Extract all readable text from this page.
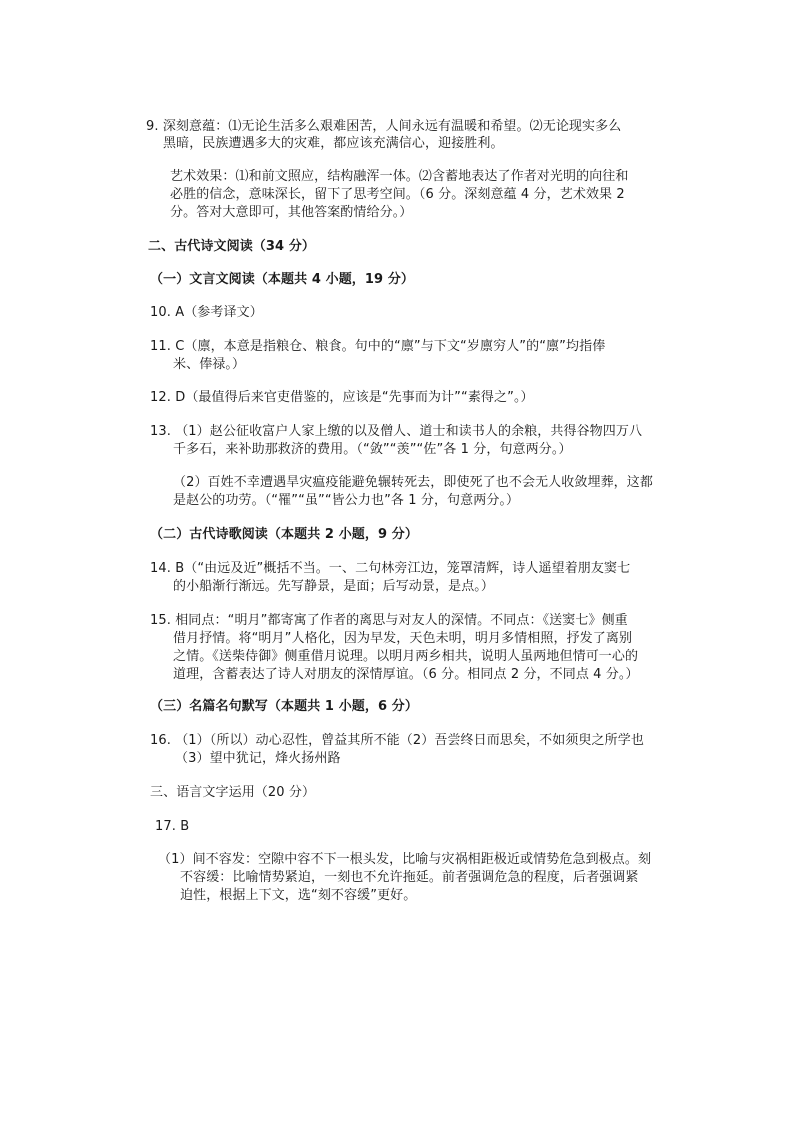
9. 深刻意蕴：⑴无论生活多么艰难困苦，人间永远有温暖和希望。⑵无论现实多么
黑暗，民族遭遇多大的灾难，都应该充满信心，迎接胜利。
艺术效果：⑴和前文照应，结构融浑一体。⑵含蓄地表达了作者对光明的向往和
必胜的信念，意味深长，留下了思考空间。（6 分。深刻意蕴 4 分，艺术效果 2
分。答对大意即可，其他答案酌情给分。）
二、古代诗文阅读（34 分）
（一）文言文阅读（本题共 4 小题，19 分）
10. A（参考译文）
11. C（廪，本意是指粮仓、粮食。句中的“廪”与下文“岁廪穷人”的“廪”均指俸
米、俸禄。）
12. D（最值得后来官吏借鉴的，应该是“先事而为计”“素得之”。）
13. （1）赵公征收富户人家上缴的以及僧人、道士和读书人的余粮，共得谷物四万八
千多石，来补助那救济的费用。（“敛”“羡”“佐”各 1 分，句意两分。）
（2）百姓不幸遭遇旱灾瘟疫能避免辗转死去，即使死了也不会无人收敛埋葬，这都
是赵公的功劳。（“罹”“虽”“皆公力也”各 1 分，句意两分。）
（二）古代诗歌阅读（本题共 2 小题，9 分）
14. B（“由远及近”概括不当。一、二句林旁江边，笼罩清辉，诗人遥望着朋友窦七
的小船渐行渐远。先写静景，是面；后写动景，是点。）
15. 相同点：“明月”都寄寓了作者的离思与对友人的深情。不同点：《送窦七》侧重
借月抒情。将“明月”人格化，因为早发，天色未明，明月多情相照，抒发了离别
之情。《送柴侍御》侧重借月说理。以明月两乡相共，说明人虽两地但情可一心的
道理，含蓄表达了诗人对朋友的深情厚谊。（6 分。相同点 2 分，不同点 4 分。）
（三）名篇名句默写（本题共 1 小题，6 分）
16. （1）（所以）动心忍性，曾益其所不能（2）吾尝终日而思矣，不如须臾之所学也
（3）望中犹记，烽火扬州路
三、语言文字运用（20 分）
17. B
（1）间不容发：空隙中容不下一根头发，比喻与灾祸相距极近或情势危急到极点。刻
不容缓：比喻情势紧迫，一刻也不允许拖延。前者强调危急的程度，后者强调紧
迫性，根据上下文，选“刻不容缓”更好。
